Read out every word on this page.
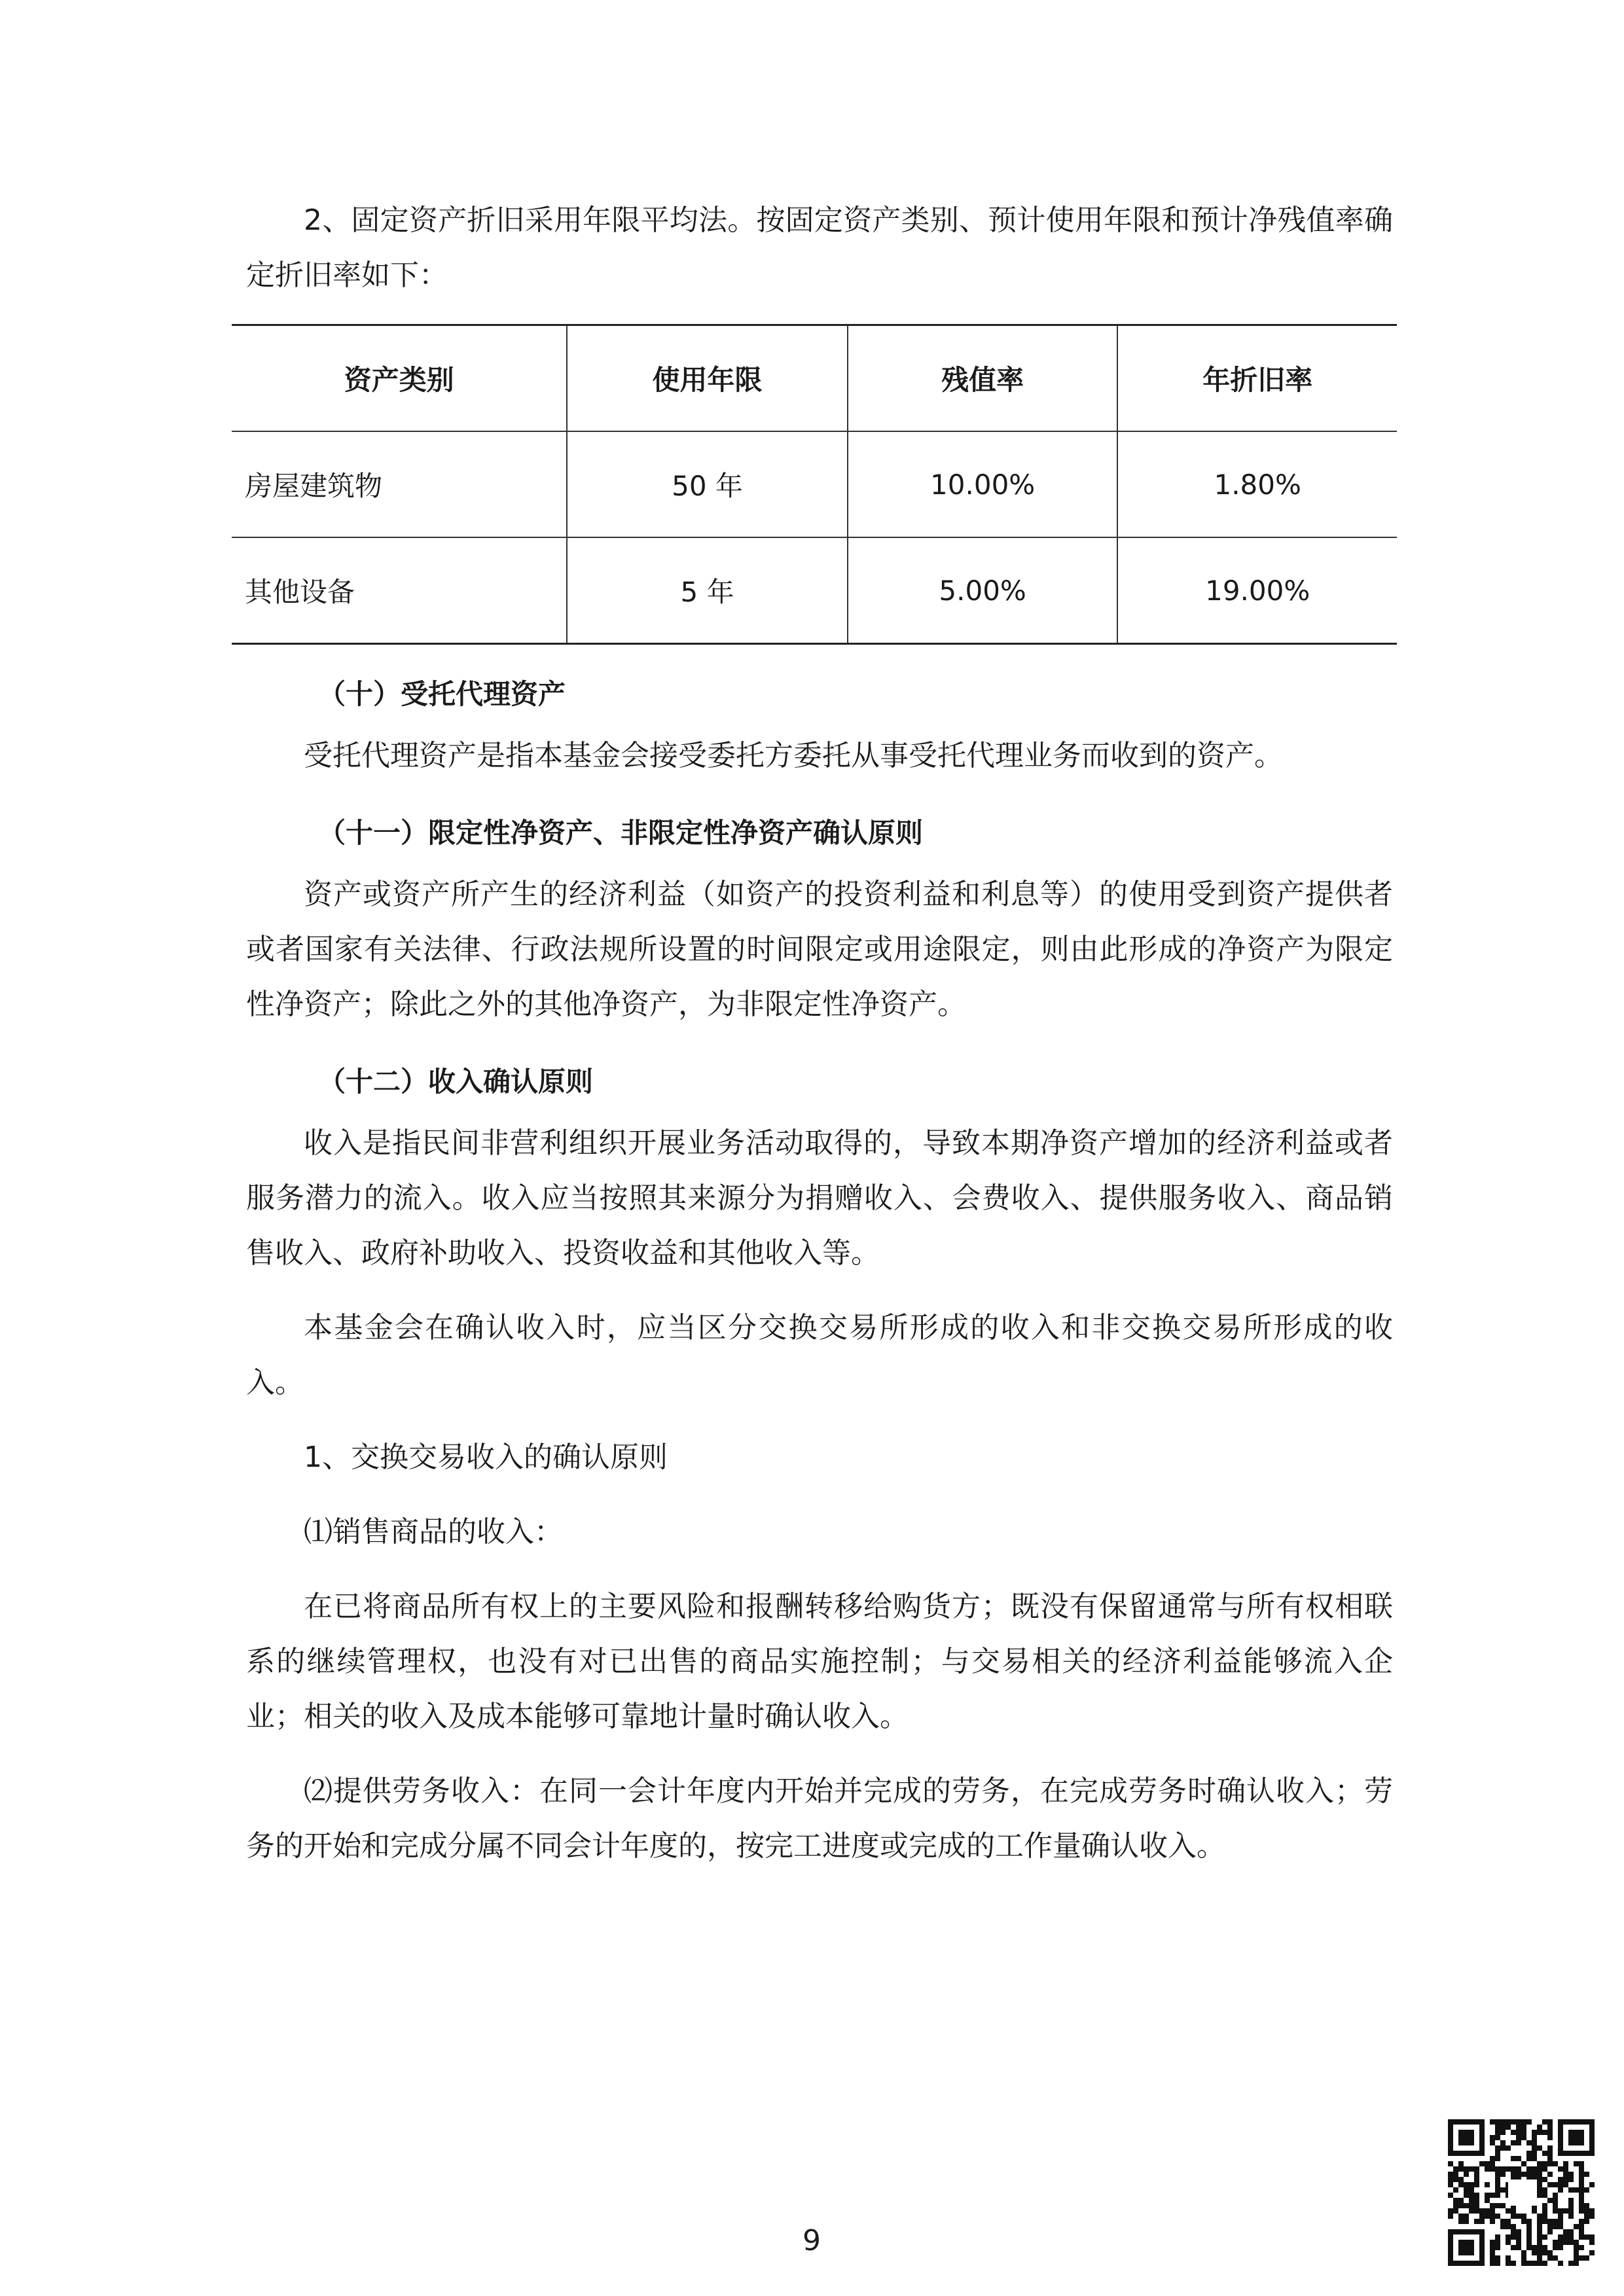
2、固定资产折旧采用年限平均法。按固定资产类别、预计使用年限和预计净残值率确定折旧率如下：

资产类别	使用年限	残值率	年折旧率
房屋建筑物	50 年	10.00%	1.80%
其他设备	5 年	5.00%	19.00%

（十）受托代理资产

受托代理资产是指本基金会接受委托方委托从事受托代理业务而收到的资产。

（十一）限定性净资产、非限定性净资产确认原则

资产或资产所产生的经济利益（如资产的投资利益和利息等）的使用受到资产提供者或者国家有关法律、行政法规所设置的时间限定或用途限定，则由此形成的净资产为限定性净资产；除此之外的其他净资产，为非限定性净资产。

（十二）收入确认原则

收入是指民间非营利组织开展业务活动取得的，导致本期净资产增加的经济利益或者服务潜力的流入。收入应当按照其来源分为捐赠收入、会费收入、提供服务收入、商品销售收入、政府补助收入、投资收益和其他收入等。

本基金会在确认收入时，应当区分交换交易所形成的收入和非交换交易所形成的收入。

1、交换交易收入的确认原则

⑴销售商品的收入：

在已将商品所有权上的主要风险和报酬转移给购货方；既没有保留通常与所有权相联系的继续管理权，也没有对已出售的商品实施控制；与交易相关的经济利益能够流入企业；相关的收入及成本能够可靠地计量时确认收入。

⑵提供劳务收入：在同一会计年度内开始并完成的劳务，在完成劳务时确认收入；劳务的开始和完成分属不同会计年度的，按完工进度或完成的工作量确认收入。

9
